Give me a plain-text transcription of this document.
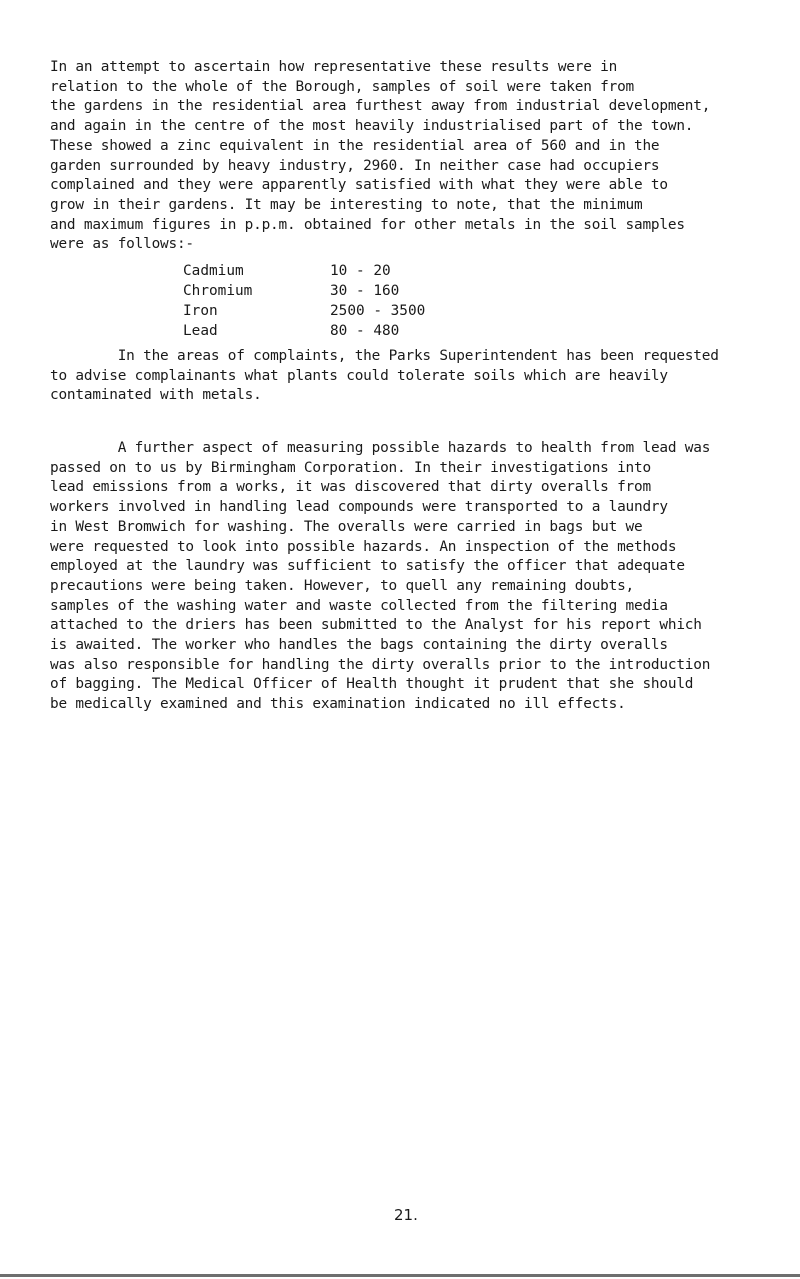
In an attempt to ascertain how representative these results were in
relation to the whole of the Borough, samples of soil were taken from
the gardens in the residential area furthest away from industrial development,
and again in the centre of the most heavily industrialised part of the town.
These showed a zinc equivalent in the residential area of 560 and in the
garden surrounded by heavy industry, 2960. In neither case had occupiers
complained and they were apparently satisfied with what they were able to
grow in their gardens. It may be interesting to note, that the minimum
and maximum figures in p.p.m. obtained for other metals in the soil samples
were as follows:-

Cadmium	10 - 20
Chromium	30 - 160
Iron	2500 - 3500
Lead	80 - 480

In the areas of complaints, the Parks Superintendent has been requested
to advise complainants what plants could tolerate soils which are heavily
contaminated with metals.

A further aspect of measuring possible hazards to health from lead was
passed on to us by Birmingham Corporation. In their investigations into
lead emissions from a works, it was discovered that dirty overalls from
workers involved in handling lead compounds were transported to a laundry
in West Bromwich for washing. The overalls were carried in bags but we
were requested to look into possible hazards. An inspection of the methods
employed at the laundry was sufficient to satisfy the officer that adequate
precautions were being taken. However, to quell any remaining doubts,
samples of the washing water and waste collected from the filtering media
attached to the driers has been submitted to the Analyst for his report which
is awaited. The worker who handles the bags containing the dirty overalls
was also responsible for handling the dirty overalls prior to the introduction
of bagging. The Medical Officer of Health thought it prudent that she should
be medically examined and this examination indicated no ill effects.

21.
